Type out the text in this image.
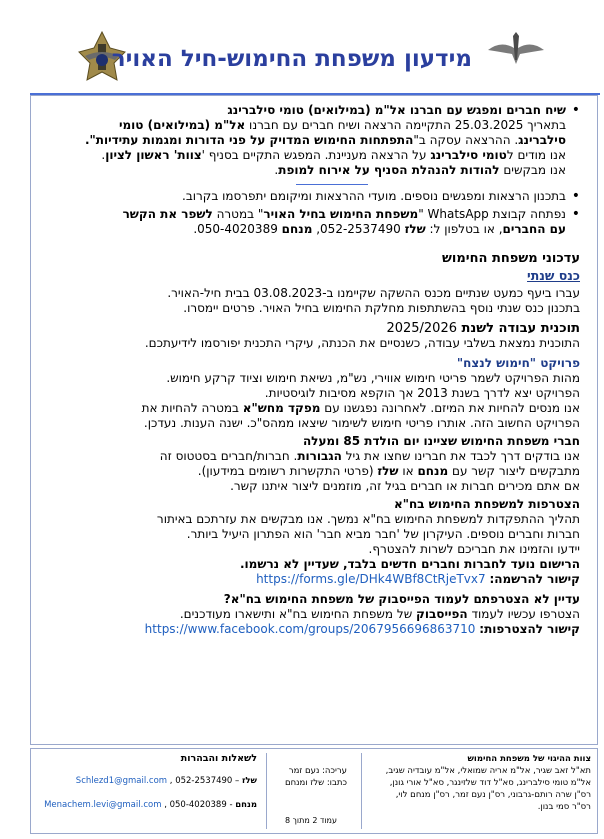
מידעון משפחת החימוש-חיל האויר

• שיח חברים ומפגש עם חברנו אל"מ (במילואים) טומי סילברינג

בתאריך 25.03.2025 התקיימה הרצאה ושיח חברים עם חברנו אל"מ (במילואים) טומי

סילברינג. ההרצאה עסקה ב"התפתחות החימוש המדויק על פני הדורות ומגמות עתידיות".

אנו מודים לטומי סילברינג על הרצאה מעניינת. המפגש התקיים בסניף 'צוות' ראשון לציון.

אנו מבקשים להודות להנהלת הסניף על אירוח למופת.

• בתכנון הרצאות ומפגשים נוספים. מועדי ההרצאות ומיקומם יתפרסמו בקרוב.

• נפתחה קבוצת WhatsApp "משפחת החימוש בחיל האויר" במטרה לשפר את הקשר

עם החברים, או בטלפון ל: שלז 052-2537490, מנחם 050-4020389.

עדכוני משפחת החימוש
כנס שנתי

עברו ביעף כמעט שנתיים מכנס ההשקה שקיימנו ב-03.08.2023 בבית חיל-האויר.

בתכנון כנס שנתי נוסף בהשתתפות מחלקת החימוש בחיל האויר. פרטים יימסרו.

תוכנית עבודה לשנת 2025/2026

התוכנית נמצאת בשלבי עבודה, כשנסיים את הכנתה, עיקרי התכנית יפורסמו לידיעתכם.

פרויקט "חימוש לנצח"

מהות הפרויקט לשמר פריטי חימוש אווירי, נש"מ, נשיאת חימוש וציוד קרקע חימוש.

הפרויקט יצא לדרך בשנת 2013 אך הוקפא מסיבות לוגיסטיות.

אנו מנסים להחיות את המיזם. לאחרונה נפגשנו עם מפקד מחש"א במטרה להחיות את

הפרויקט החשוב הזה. אותרו פריטי חימוש לשימור שיצאו ממהס"כ. ישנה הענות. נעדכן.

חברי משפחת החימוש שציינו יום הולדת 85 ומעלה

אנו בודקים דרך לכבד את חברינו שחצו את גיל הגבורות. חברות/חברים בסטטוס זה

מתבקשים ליצור קשר עם מנחם או שלז (פרטי התקשרות רשומים במידעון).

אם אתם מכירים חברות או חברים בגיל זה, מוזמנים ליצור איתנו קשר.

הצטרפות למשפחת החימוש בח"א

תהליך ההתפקדות למשפחת החימוש בח"א נמשך. אנו מבקשים את עזרתכם באיתור

חברות וחברים נוספים. העיקרון של 'חבר מביא חבר' הוא הפתרון היעיל ביותר.

יידעו והזמינו את חבריכם לשרות להצטרף.

הרישום נועד לחברות וחברים חדשים בלבד, שעדיין לא נרשמו.

קישור להרשמה: https://forms.gle/DHk4WBf8CtRjeTvx7

עדיין לא הצטרפתם לעמוד הפייסבוק של משפחת החימוש בח"א?

הצטרפו עכשיו לעמוד הפייסבוק של משפחת החימוש בח"א ותישארו מעודכנים.

קישור להצטרפות: https://www.facebook.com/groups/2067956696863710

צוות ההיגוי של משפחת החימוש
תא"ל זאב שגיר, אל"מ אריה שמואלי, אל"מ עובדיה שגיב,
אל"מ טומי סילברינג, סא"ל דוד שלזינגר, סא"ל אורי גונן,
רס"ן שרה רותם-גרבוני, רס"ן נעם זמר, רס"ן מנחם לוי,
רס"ר סמי בנון.
עריכה: נעם זמר
כתבו: שלז ומנחם
לשאלות והבהרות
שלז – 052-2537490 , Schlezd1@gmail.com
מנחם - 050-4020389 , Menachem.levi@gmail.com
עמוד 2 מתוך 8
